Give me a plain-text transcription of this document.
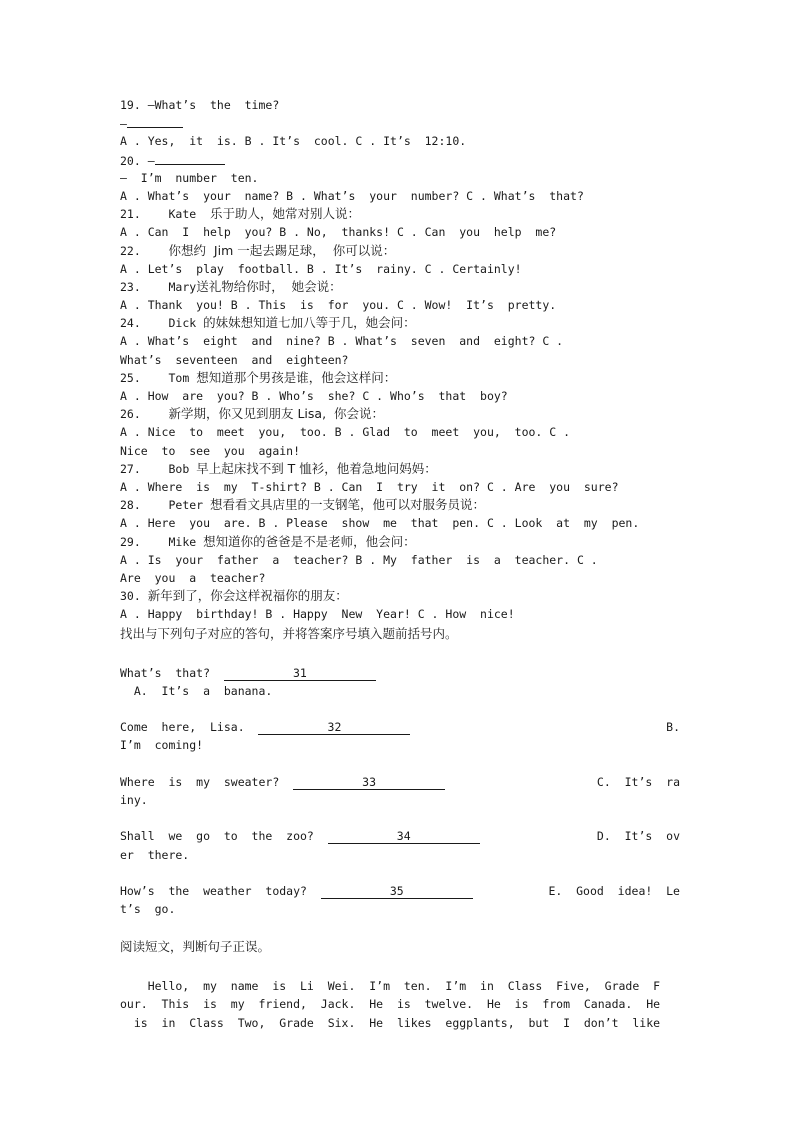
19. —What’s  the  time?
—
A . Yes,  it  is. B . It’s  cool. C . It’s  12:10.
20. —
—  I’m  number  ten.
A . What’s  your  name? B . What’s  your  number? C . What’s  that?
21. Kate 乐于助人，她常对别人说：
A . Can  I  help  you? B . No,  thanks! C . Can  you  help  me?
22. 你想约  Jim 一起去踢足球，  你可以说：
A . Let’s  play  football. B . It’s  rainy. C . Certainly!
23. Mary送礼物给你时，  她会说：
A . Thank  you! B . This  is  for  you. C . Wow!  It’s  pretty.
24. Dick 的妹妹想知道七加八等于几，她会问：
A . What’s  eight  and  nine? B . What’s  seven  and  eight? C .
What’s  seventeen  and  eighteen?
25. Tom 想知道那个男孩是谁，他会这样问：
A . How  are  you? B . Who’s  she? C . Who’s  that  boy?
26. 新学期，你又见到朋友 Lisa,  你会说：
A . Nice  to  meet  you,  too. B . Glad  to  meet  you,  too. C .
Nice  to  see  you  again!
27. Bob 早上起床找不到 T 恤衫，他着急地问妈妈：
A . Where  is  my  T-shirt? B . Can  I  try  it  on? C . Are  you  sure?
28. Peter 想看看文具店里的一支钢笔，他可以对服务员说：
A . Here  you  are. B . Please  show  me  that  pen. C . Look  at  my  pen.
29. Mike 想知道你的爸爸是不是老师，他会问：
A . Is  your  father  a  teacher? B . My  father  is  a  teacher. C .
Are  you  a  teacher?
30. 新年到了，你会这样祝福你的朋友：
A . Happy  birthday! B . Happy  New  Year! C . How  nice!
找出与下列句子对应的答句，并将答案序号填入题前括号内。
What’s  that?	31
A.  It’s  a  banana.
Come  here,  Lisa.	32	B.
I’m  coming!
Where  is  my  sweater?	33	C.  It’s  ra
iny.
Shall  we  go  to  the  zoo?	34	D.  It’s  ov
er  there.
How’s  the  weather  today?	35	E.  Good  idea!  Le
t’s  go.
阅读短文，判断句子正误。
Hello,  my  name  is  Li  Wei.  I’m  ten.  I’m  in  Class  Five,  Grade  F
our.  This  is  my  friend,  Jack.  He  is  twelve.  He  is  from  Canada.  He
is  in  Class  Two,  Grade  Six.  He  likes  eggplants,  but  I  don’t  like
